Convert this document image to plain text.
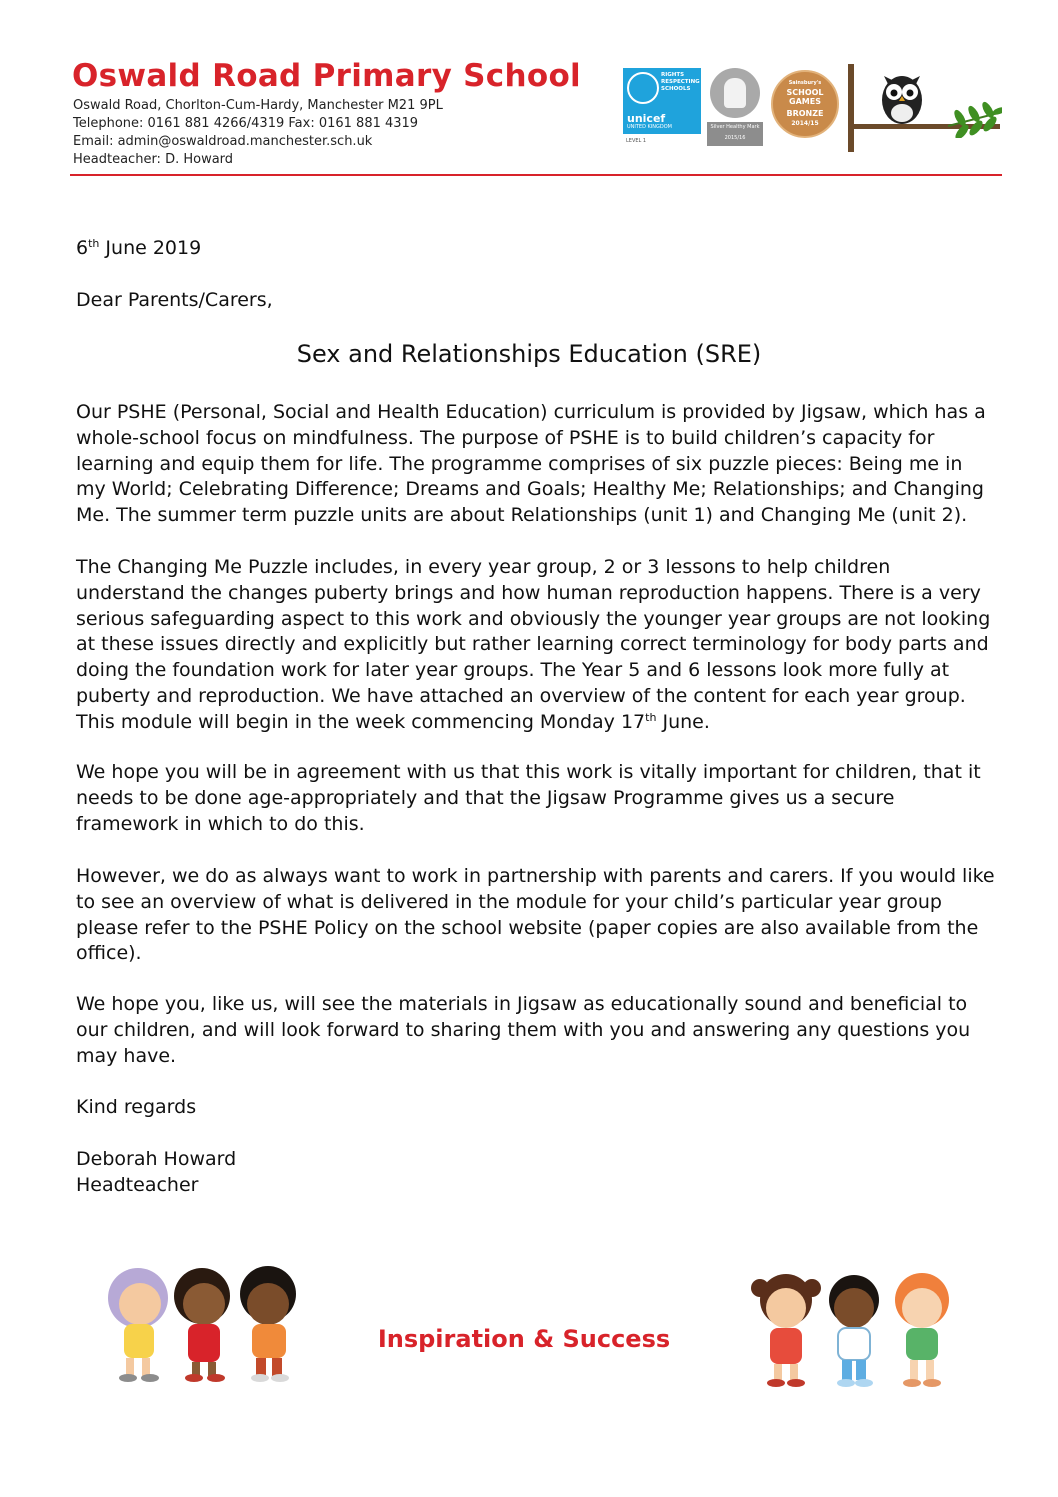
Oswald Road Primary School

Oswald Road, Chorlton-Cum-Hardy, Manchester M21 9PL

Telephone: 0161 881 4266/4319 Fax: 0161 881 4319

Email: admin@oswaldroad.manchester.sch.uk

Headteacher: D. Howard

RIGHTS RESPECTING SCHOOLS
unicef
UNITED KINGDOM
LEVEL 1
Silver Healthy Mark 2015/16
Sainsbury's
SCHOOL
GAMES
BRONZE
2014/15

6th June 2019

Dear Parents/Carers,

Sex and Relationships Education (SRE)

Our PSHE (Personal, Social and Health Education) curriculum is provided by Jigsaw, which has a whole-school focus on mindfulness. The purpose of PSHE is to build children’s capacity for learning and equip them for life. The programme comprises of six puzzle pieces: Being me in my World; Celebrating Difference; Dreams and Goals; Healthy Me; Relationships; and Changing Me. The summer term puzzle units are about Relationships (unit 1) and Changing Me (unit 2).

The Changing Me Puzzle includes, in every year group, 2 or 3 lessons to help children understand the changes puberty brings and how human reproduction happens. There is a very serious safeguarding aspect to this work and obviously the younger year groups are not looking at these issues directly and explicitly but rather learning correct terminology for body parts and doing the foundation work for later year groups. The Year 5 and 6 lessons look more fully at puberty and reproduction. We have attached an overview of the content for each year group. This module will begin in the week commencing Monday 17th June.

We hope you will be in agreement with us that this work is vitally important for children, that it needs to be done age-appropriately and that the Jigsaw Programme gives us a secure framework in which to do this.

However, we do as always want to work in partnership with parents and carers. If you would like to see an overview of what is delivered in the module for your child’s particular year group please refer to the PSHE Policy on the school website (paper copies are also available from the office).

We hope you, like us, will see the materials in Jigsaw as educationally sound and beneficial to our children, and will look forward to sharing them with you and answering any questions you may have.

Kind regards

Deborah Howard

Headteacher

Inspiration & Success
